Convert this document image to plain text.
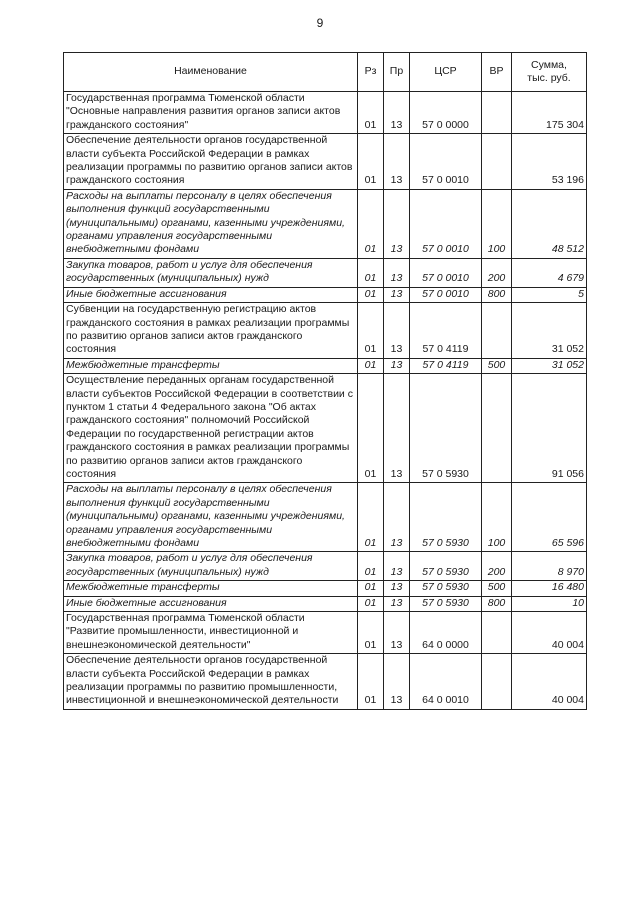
9
Наименование	Рз	Пр	ЦСР	ВР	Сумма,
тыс. руб.
Государственная программа Тюменской области "Основные направления развития органов записи актов гражданского состояния"	01	13	57 0 0000		175 304
Обеспечение деятельности органов государственной власти субъекта Российской Федерации в рамках реализации программы по развитию органов записи актов гражданского состояния	01	13	57 0 0010		53 196
Расходы на выплаты персоналу в целях обеспечения выполнения функций государственными (муниципальными) органами, казенными учреждениями, органами управления государственными внебюджетными фондами	01	13	57 0 0010	100	48 512
Закупка товаров, работ и услуг для обеспечения государственных (муниципальных) нужд	01	13	57 0 0010	200	4 679
Иные бюджетные ассигнования	01	13	57 0 0010	800	5
Субвенции на государственную регистрацию актов гражданского состояния в рамках реализации программы по развитию органов записи актов гражданского состояния	01	13	57 0 4119		31 052
Межбюджетные трансферты	01	13	57 0 4119	500	31 052
Осуществление переданных органам государственной власти субъектов Российской Федерации в соответствии с пунктом 1 статьи 4 Федерального закона "Об актах гражданского состояния" полномочий Российской Федерации по государственной регистрации актов гражданского состояния в рамках реализации программы по развитию органов записи актов гражданского состояния	01	13	57 0 5930		91 056
Расходы на выплаты персоналу в целях обеспечения выполнения функций государственными (муниципальными) органами, казенными учреждениями, органами управления государственными внебюджетными фондами	01	13	57 0 5930	100	65 596
Закупка товаров, работ и услуг для обеспечения государственных (муниципальных) нужд	01	13	57 0 5930	200	8 970
Межбюджетные трансферты	01	13	57 0 5930	500	16 480
Иные бюджетные ассигнования	01	13	57 0 5930	800	10
Государственная программа Тюменской области "Развитие промышленности, инвестиционной и внешнеэкономической деятельности"	01	13	64 0 0000		40 004
Обеспечение деятельности органов государственной власти субъекта Российской Федерации в рамках реализации программы по развитию промышленности, инвестиционной и внешнеэкономической деятельности	01	13	64 0 0010		40 004
